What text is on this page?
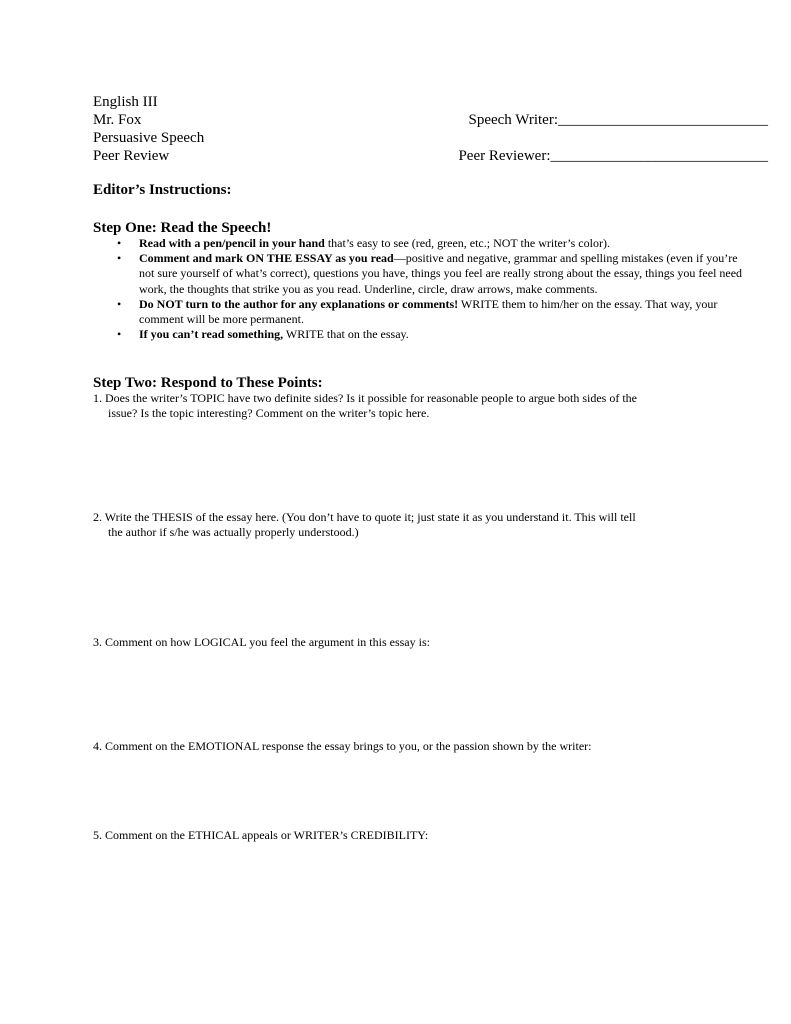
English III
Mr. Fox
Persuasive Speech
Peer Review
Speech Writer:____________________________
Peer Reviewer:_____________________________
Editor’s Instructions:
Step One: Read the Speech!
• Read with a pen/pencil in your hand that’s easy to see (red, green, etc.; NOT the writer’s color).
• Comment and mark ON THE ESSAY as you read—positive and negative, grammar and spelling mistakes (even if you’re not sure yourself of what’s correct), questions you have, things you feel are really strong about the essay, things you feel need work, the thoughts that strike you as you read. Underline, circle, draw arrows, make comments.
• Do NOT turn to the author for any explanations or comments! WRITE them to him/her on the essay. That way, your comment will be more permanent.
• If you can’t read something, WRITE that on the essay.
Step Two: Respond to These Points:
1. Does the writer’s TOPIC have two definite sides? Is it possible for reasonable people to argue both sides of the
issue? Is the topic interesting? Comment on the writer’s topic here.
2. Write the THESIS of the essay here. (You don’t have to quote it; just state it as you understand it. This will tell
the author if s/he was actually properly understood.)
3. Comment on how LOGICAL you feel the argument in this essay is:
4. Comment on the EMOTIONAL response the essay brings to you, or the passion shown by the writer:
5. Comment on the ETHICAL appeals or WRITER’s CREDIBILITY:
